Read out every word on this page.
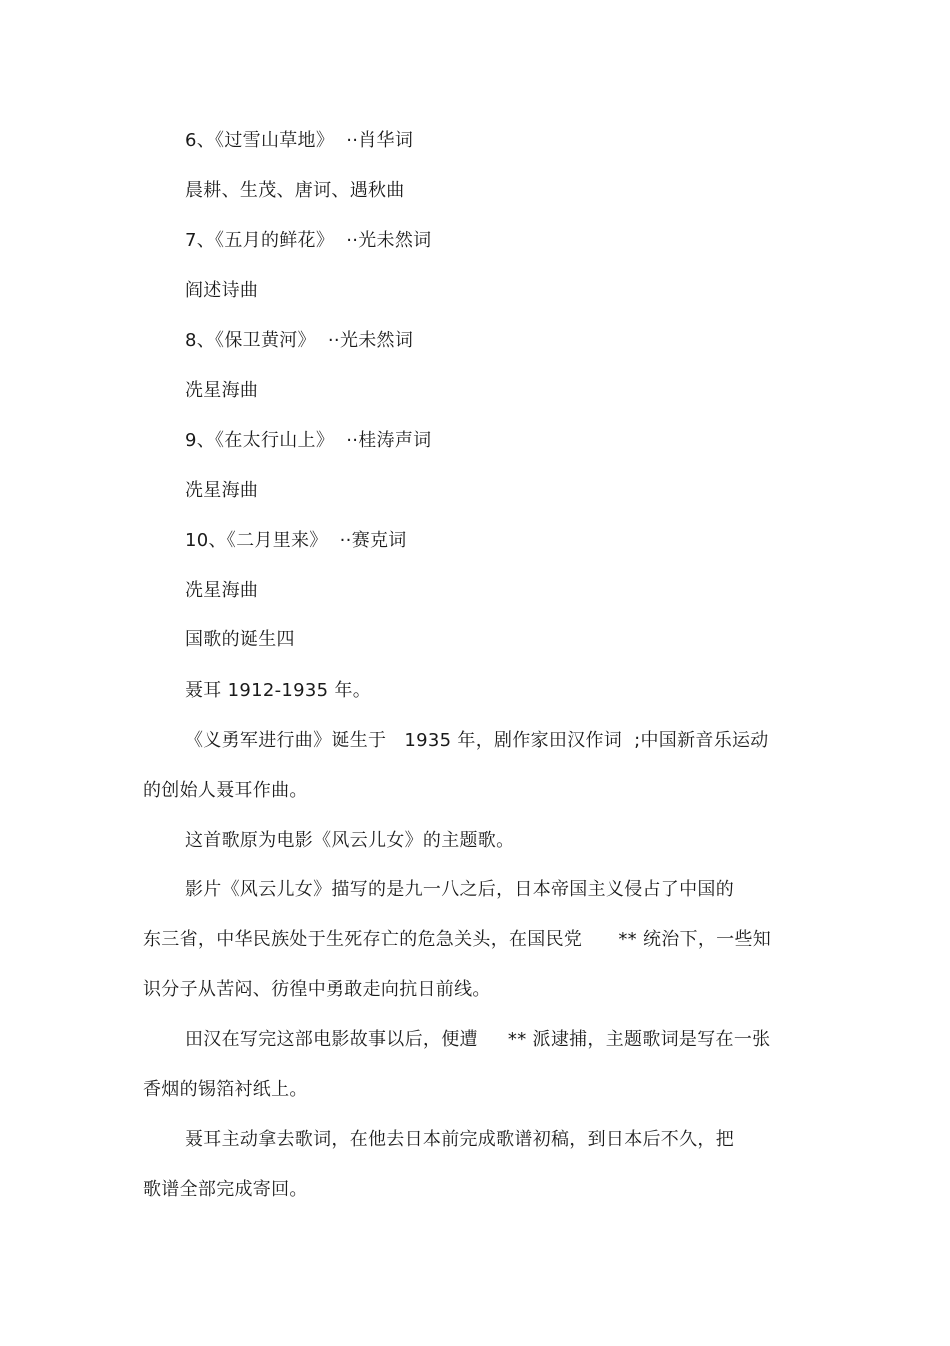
6、《过雪山草地》  ··肖华词
晨耕、生茂、唐诃、遇秋曲
7、《五月的鲜花》  ··光未然词
阎述诗曲
8、《保卫黄河》  ··光未然词
冼星海曲
9、《在太行山上》  ··桂涛声词
冼星海曲
10、《二月里来》  ··赛克词
冼星海曲
国歌的诞生四
聂耳 1912-1935 年。
《义勇军进行曲》诞生于   1935 年，剧作家田汉作词  ;中国新音乐运动
的创始人聂耳作曲。
这首歌原为电影《风云儿女》的主题歌。
影片《风云儿女》描写的是九一八之后，日本帝国主义侵占了中国的
东三省，中华民族处于生死存亡的危急关头，在国民党      ** 统治下，一些知
识分子从苦闷、彷徨中勇敢走向抗日前线。
田汉在写完这部电影故事以后，便遭     ** 派逮捕，主题歌词是写在一张
香烟的锡箔衬纸上。
聂耳主动拿去歌词，在他去日本前完成歌谱初稿，到日本后不久，把
歌谱全部完成寄回。
